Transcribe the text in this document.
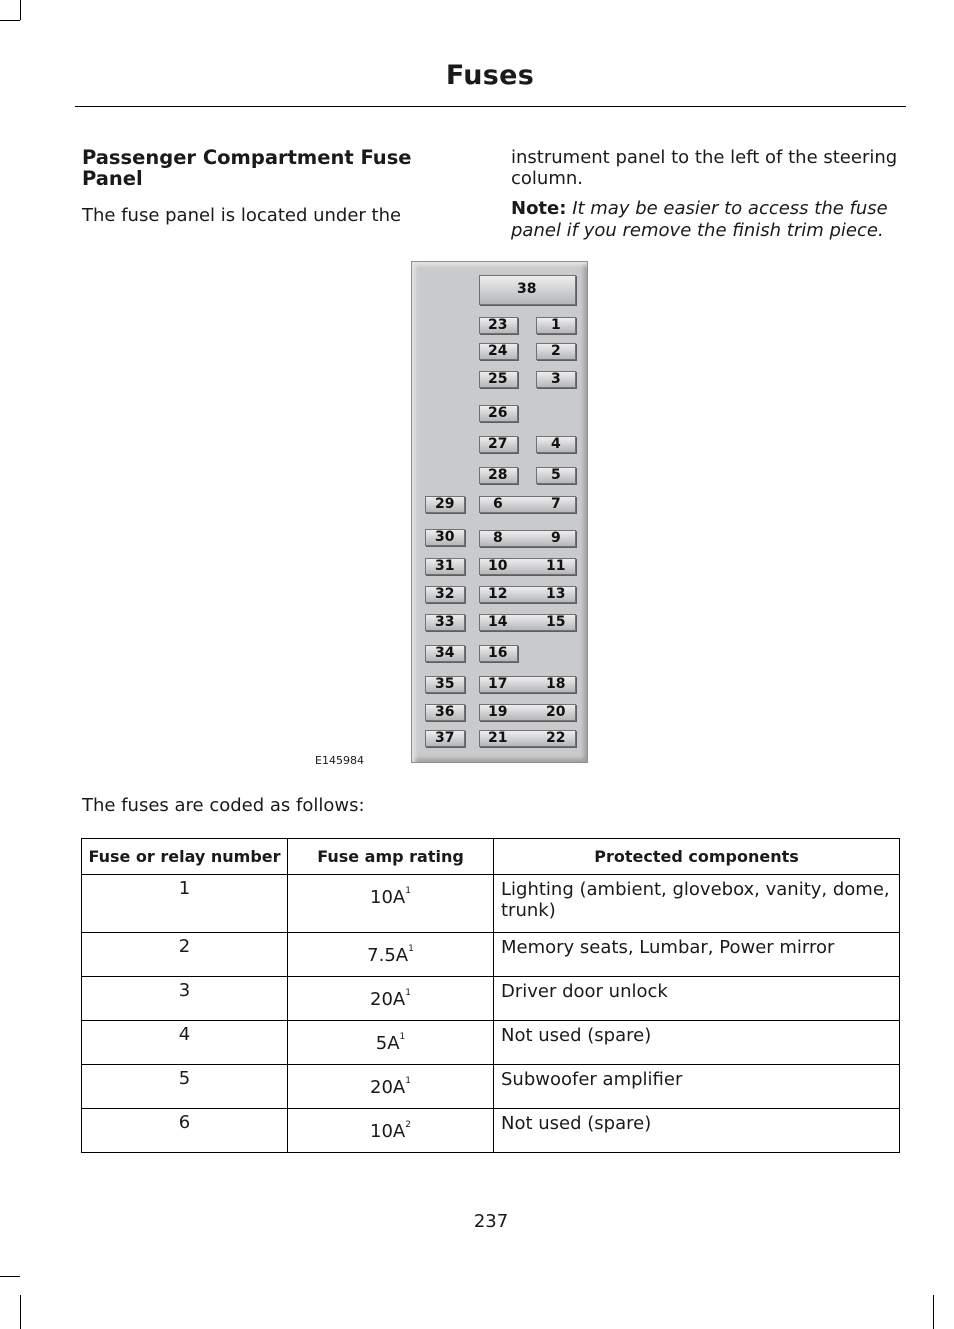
Fuses
Passenger Compartment Fuse Panel
The fuse panel is located under the
instrument panel to the left of the steering column.
Note: It may be easier to access the fuse panel if you remove the finish trim piece.
38
23	1
24	2
25	3
26
27	4
28	5
29	6	7
30	8	9
31 10	11
32 12	13
33 14	15
34 16
35 17	18
36 19	20
37 21	22
E145984
The fuses are coded as follows:
Fuse or relay number	Fuse amp rating	Protected components
1	$10A^1$	Lighting (ambient, glovebox, vanity, dome, trunk)
2	$7.5A^1$	Memory seats, Lumbar, Power mirror
3	$20A^1$	Driver door unlock
4	$5A^1$	Not used (spare)
5	$20A^1$	Subwoofer amplifier
6	$10A^2$	Not used (spare)
237
